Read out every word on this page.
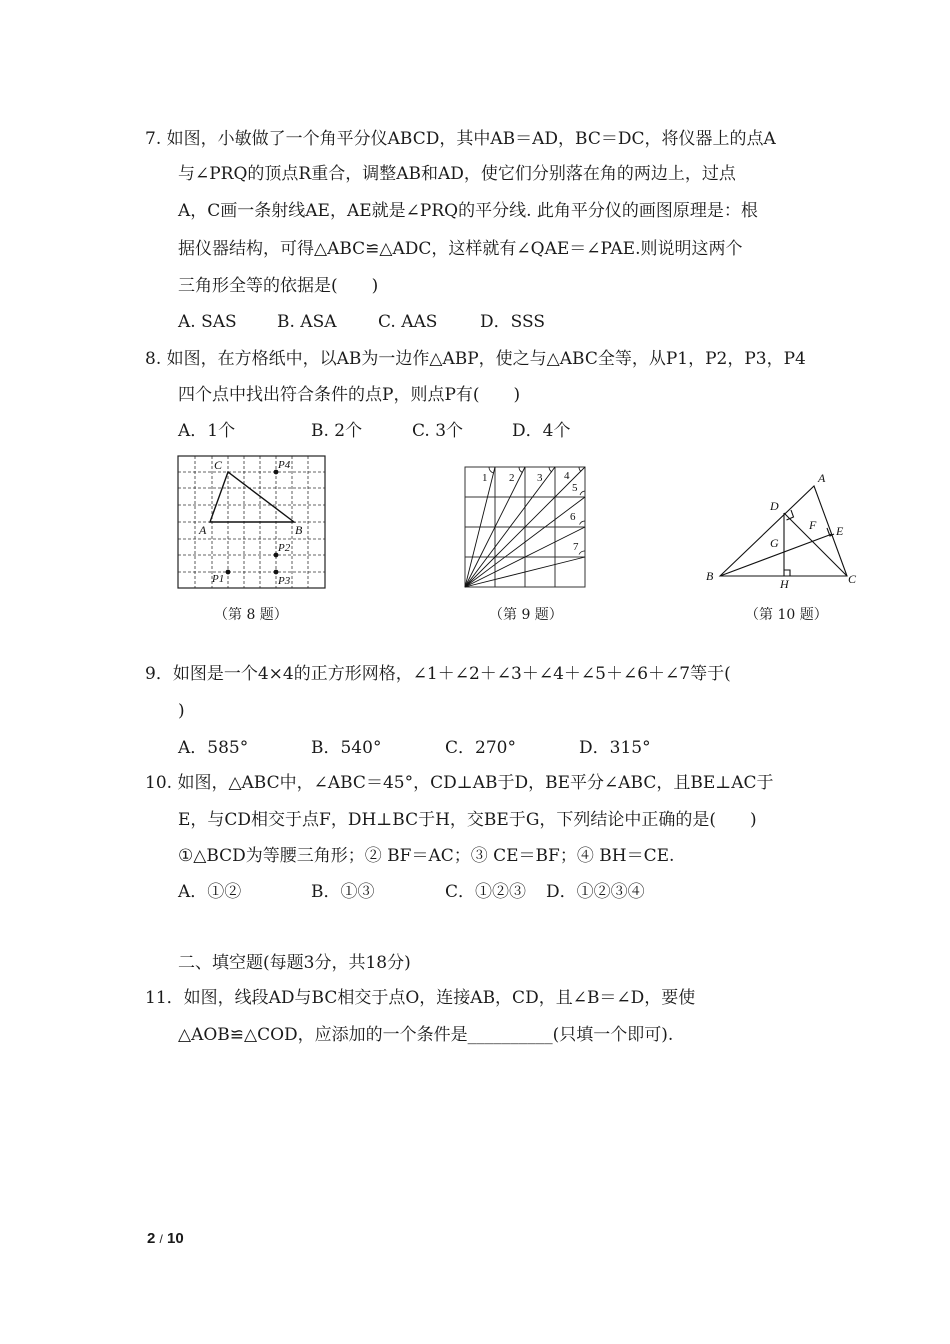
7. 如图，小敏做了一个角平分仪ABCD，其中AB＝AD，BC＝DC，将仪器上的点A
与∠PRQ的顶点R重合，调整AB和AD，使它们分别落在角的两边上，过点
A，C画一条射线AE，AE就是∠PRQ的平分线. 此角平分仪的画图原理是：根
据仪器结构，可得△ABC≌△ADC，这样就有∠QAE＝∠PAE.则说明这两个
三角形全等的依据是(　　)
A. SAS B. ASA C. AAS	D．SSS
8. 如图，在方格纸中，以AB为一边作△ABP，使之与△ABC全等，从P1，P2，P3，P4
四个点中找出符合条件的点P，则点P有(　　)
A．1个	B. 2个	C. 3个	D．4个
C
A	B
P4
P2
P1	P3
（第 8 题）
1 2 3 4
5
6
7
（第 9 题）
A
D
F E
G
B
H	C
（第 10 题）
9．如图是一个4×4的正方形网格，∠1＋∠2＋∠3＋∠4＋∠5＋∠6＋∠7等于(
)
A．585°	B．540°	C．270°	D．315°
10. 如图，△ABC中，∠ABC＝45°，CD⊥AB于D，BE平分∠ABC，且BE⊥AC于
E，与CD相交于点F，DH⊥BC于H，交BE于G，下列结论中正确的是(　　)
①△BCD为等腰三角形；② BF＝AC；③ CE＝BF；④ BH＝CE.
A．①②	B．①③	C．①②③ D．①②③④
二、填空题(每题3分，共18分)
11．如图，线段AD与BC相交于点O，连接AB，CD，且∠B＝∠D，要使
△AOB≌△COD，应添加的一个条件是__________(只填一个即可).
2 / 10
